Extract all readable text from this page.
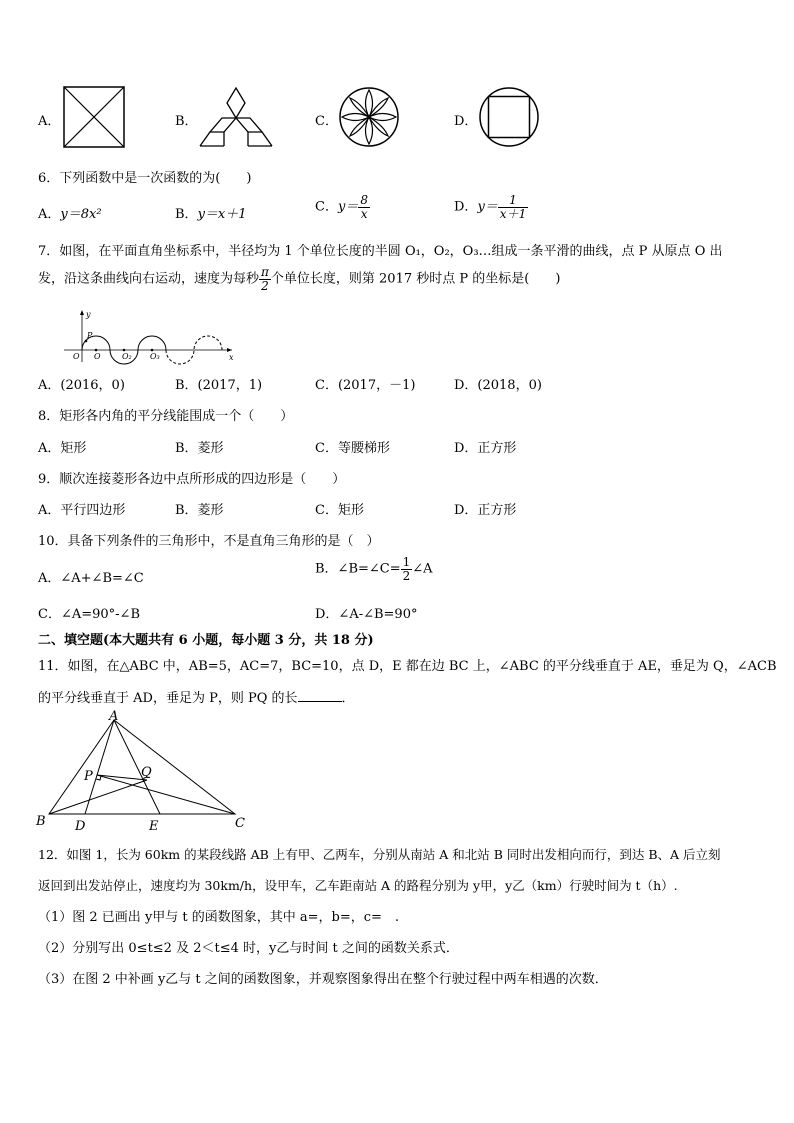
A．	B．	C．	D．
6．下列函数中是一次函数的为(　　)
A．y＝8x²	B．y＝x＋1	C．$y= \frac{8}{x}$	D．$y= \frac{1}{x+1}$
7．如图，在平面直角坐标系中，半径均为 1 个单位长度的半圆 O₁，O₂，O₃…组成一条平滑的曲线，点 P 从原点 O 出
发，沿这条曲线向右运动，速度为每秒 $\frac{\pi}{2}$ 个单位长度，则第 2017 秒时点 P 的坐标是(　　)
y
x
O
P
O	O₂ O₃
A．(2016，0)	B．(2017，1)	C．(2017，－1)	D．(2018，0)
8．矩形各内角的平分线能围成一个（　　）
A．矩形	B．菱形	C．等腰梯形	D．正方形
9．顺次连接菱形各边中点所形成的四边形是（　　）
A．平行四边形	B．菱形	C．矩形	D．正方形
10．具备下列条件的三角形中，不是直角三角形的是（　）
A．∠A+∠B=∠C
B．∠B=∠C= $\frac{1}{2}$ ∠A
C．∠A=90°-∠B	D．∠A-∠B=90°
二、填空题(本大题共有 6 小题，每小题 3 分，共 18 分)
11．如图，在△ABC 中，AB=5，AC=7，BC=10，点 D，E 都在边 BC 上，∠ABC 的平分线垂直于 AE，垂足为 Q，∠ACB
的平分线垂直于 AD，垂足为 P，则 PQ 的长	．
A
B	C
D	E
P	Q
12．如图 1，长为 60km 的某段线路 AB 上有甲、乙两车，分别从南站 A 和北站 B 同时出发相向而行，到达 B、A 后立刻
返回到出发站停止，速度均为 30km/h，设甲车，乙车距南站 A 的路程分别为 y甲，y乙（km）行驶时间为 t（h）.
（1）图 2 已画出 y甲与 t 的函数图象，其中 a=，b=，c=　.
（2）分别写出 0≤t≤2 及 2＜t≤4 时，y乙与时间 t 之间的函数关系式．
（3）在图 2 中补画 y乙与 t 之间的函数图象，并观察图象得出在整个行驶过程中两车相遇的次数．
